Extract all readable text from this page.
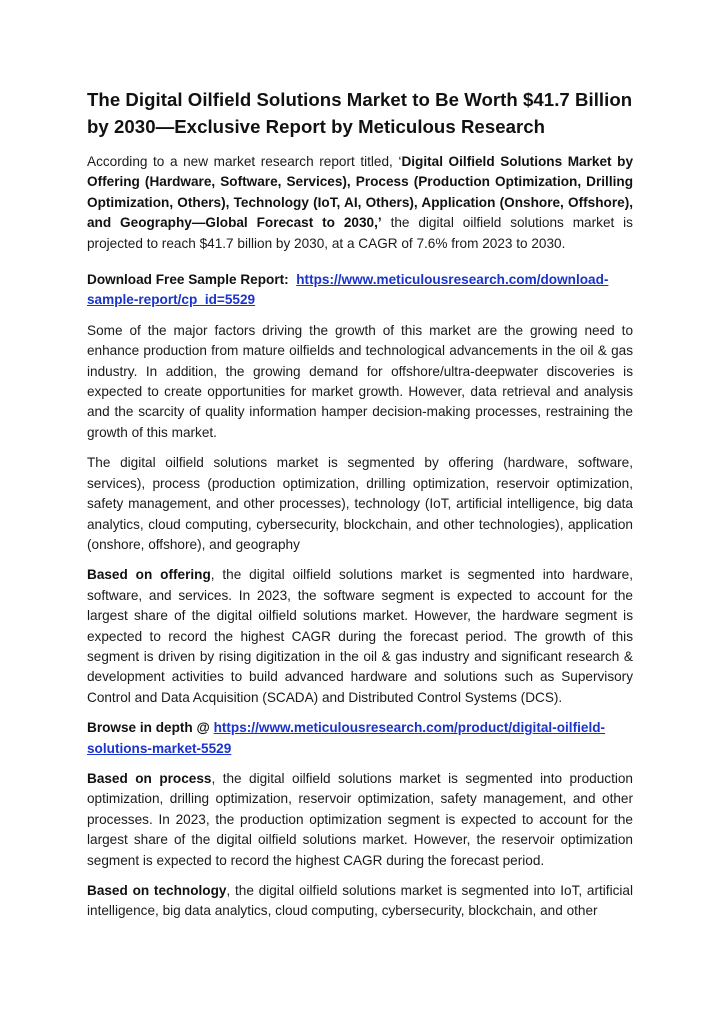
The Digital Oilfield Solutions Market to Be Worth $41.7 Billion by 2030—Exclusive Report by Meticulous Research

According to a new market research report titled, ‘Digital Oilfield Solutions Market by Offering (Hardware, Software, Services), Process (Production Optimization, Drilling Optimization, Others), Technology (IoT, AI, Others), Application (Onshore, Offshore), and Geography—Global Forecast to 2030,’ the digital oilfield solutions market is projected to reach $41.7 billion by 2030, at a CAGR of 7.6% from 2023 to 2030.

Download Free Sample Report: https://www.meticulousresearch.com/download-sample-report/cp_id=5529

Some of the major factors driving the growth of this market are the growing need to enhance production from mature oilfields and technological advancements in the oil & gas industry. In addition, the growing demand for offshore/ultra-deepwater discoveries is expected to create opportunities for market growth. However, data retrieval and analysis and the scarcity of quality information hamper decision-making processes, restraining the growth of this market.

The digital oilfield solutions market is segmented by offering (hardware, software, services), process (production optimization, drilling optimization, reservoir optimization, safety management, and other processes), technology (IoT, artificial intelligence, big data analytics, cloud computing, cybersecurity, blockchain, and other technologies), application (onshore, offshore), and geography

Based on offering, the digital oilfield solutions market is segmented into hardware, software, and services. In 2023, the software segment is expected to account for the largest share of the digital oilfield solutions market. However, the hardware segment is expected to record the highest CAGR during the forecast period. The growth of this segment is driven by rising digitization in the oil & gas industry and significant research & development activities to build advanced hardware and solutions such as Supervisory Control and Data Acquisition (SCADA) and Distributed Control Systems (DCS).

Browse in depth @ https://www.meticulousresearch.com/product/digital-oilfield-solutions-market-5529

Based on process, the digital oilfield solutions market is segmented into production optimization, drilling optimization, reservoir optimization, safety management, and other processes. In 2023, the production optimization segment is expected to account for the largest share of the digital oilfield solutions market. However, the reservoir optimization segment is expected to record the highest CAGR during the forecast period.

Based on technology, the digital oilfield solutions market is segmented into IoT, artificial intelligence, big data analytics, cloud computing, cybersecurity, blockchain, and other
